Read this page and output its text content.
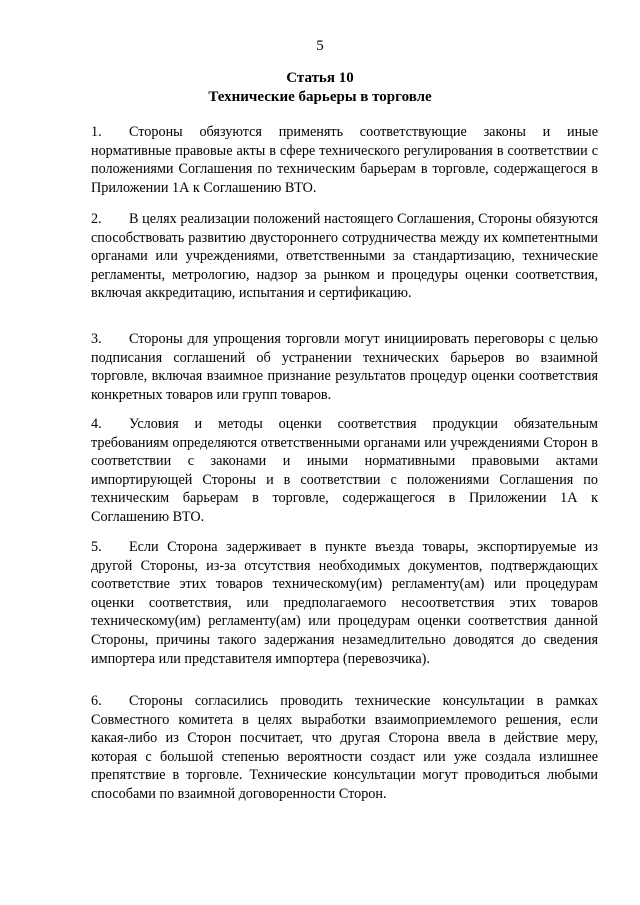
5
Статья 10
Технические барьеры в торговле
1. Стороны обязуются применять соответствующие законы и иные нормативные правовые акты в сфере технического регулирования в соответствии с положениями Соглашения по техническим барьерам в торговле, содержащегося в Приложении 1А к Соглашению ВТО.
2. В целях реализации положений настоящего Соглашения, Стороны обязуются способствовать развитию двустороннего сотрудничества между их компетентными органами или учреждениями, ответственными за стандартизацию, технические регламенты, метрологию, надзор за рынком и процедуры оценки соответствия, включая аккредитацию, испытания и сертификацию.
3. Стороны для упрощения торговли могут инициировать переговоры с целью подписания соглашений об устранении технических барьеров во взаимной торговле, включая взаимное признание результатов процедур оценки соответствия конкретных товаров или групп товаров.
4. Условия и методы оценки соответствия продукции обязательным требованиям определяются ответственными органами или учреждениями Сторон в соответствии с законами и иными нормативными правовыми актами импортирующей Стороны и в соответствии с положениями Соглашения по техническим барьерам в торговле, содержащегося в Приложении 1А к Соглашению ВТО.
5. Если Сторона задерживает в пункте въезда товары, экспортируемые из другой Стороны, из-за отсутствия необходимых документов, подтверждающих соответствие этих товаров техническому(им) регламенту(ам) или процедурам оценки соответствия, или предполагаемого несоответствия этих товаров техническому(им) регламенту(ам) или процедурам оценки соответствия данной Стороны, причины такого задержания незамедлительно доводятся до сведения импортера или представителя импортера (перевозчика).
6. Стороны согласились проводить технические консультации в рамках Совместного комитета в целях выработки взаимоприемлемого решения, если какая-либо из Сторон посчитает, что другая Сторона ввела в действие меру, которая с большой степенью вероятности создаст или уже создала излишнее препятствие в торговле. Технические консультации могут проводиться любыми способами по взаимной договоренности Сторон.
